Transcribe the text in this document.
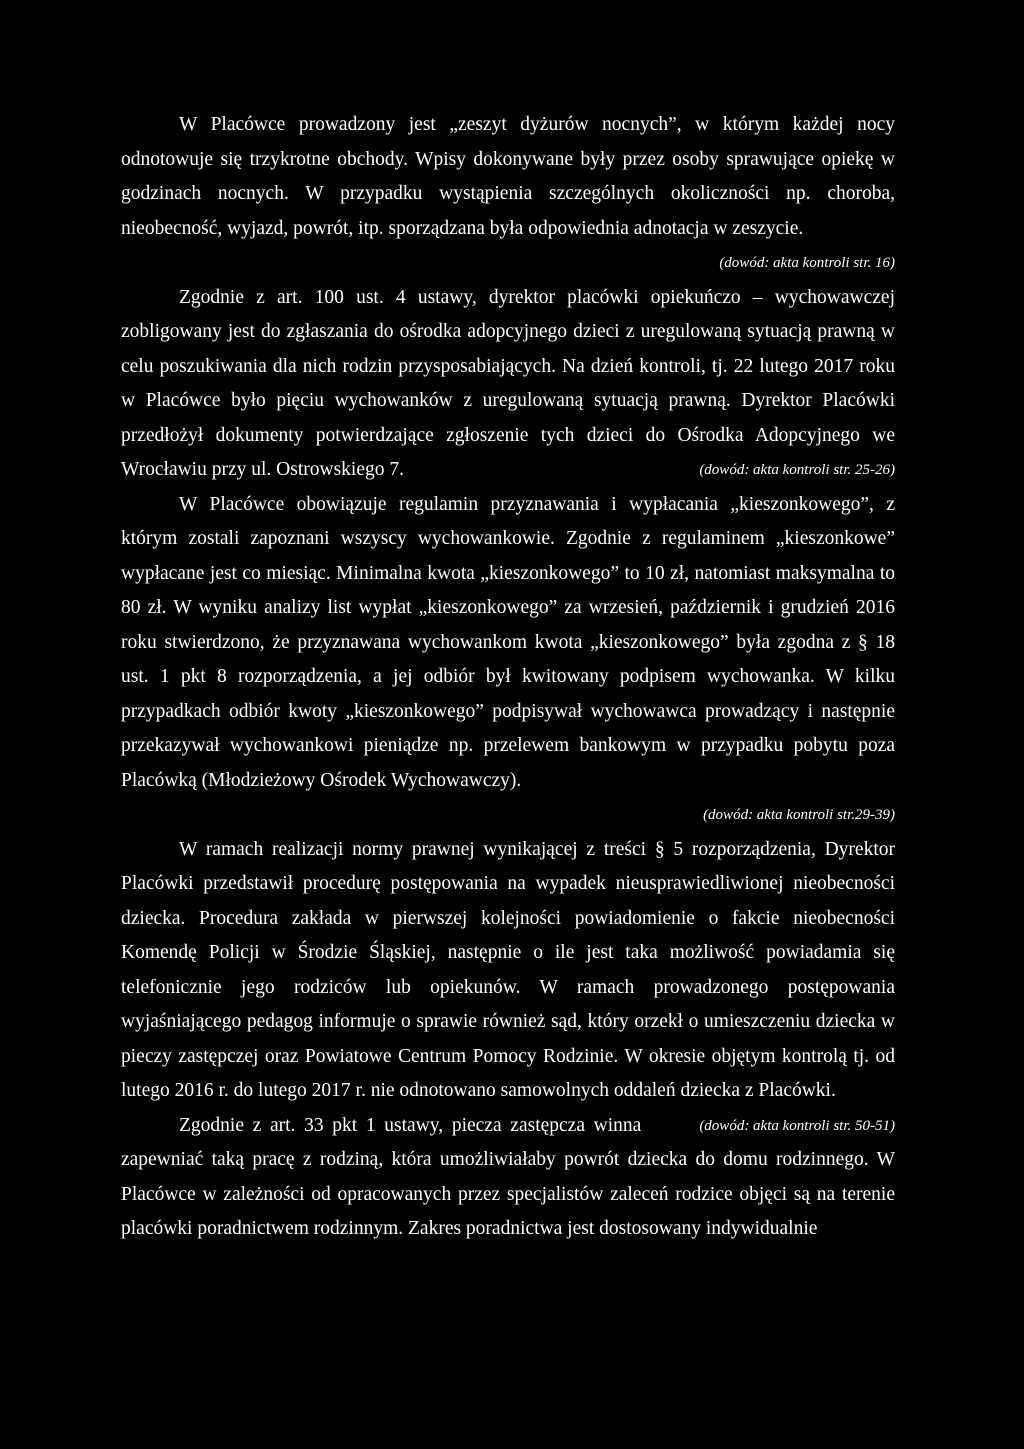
W Placówce prowadzony jest „zeszyt dyżurów nocnych”, w którym każdej nocy odnotowuje się trzykrotne obchody. Wpisy dokonywane były przez osoby sprawujące opiekę w godzinach nocnych. W przypadku wystąpienia szczególnych okoliczności np. choroba, nieobecność, wyjazd, powrót, itp. sporządzana była odpowiednia adnotacja w zeszycie.

(dowód: akta kontroli str. 16)

Zgodnie z art. 100 ust. 4 ustawy, dyrektor placówki opiekuńczo – wychowawczej zobligowany jest do zgłaszania do ośrodka adopcyjnego dzieci z uregulowaną sytuacją prawną w celu poszukiwania dla nich rodzin przysposabiających. Na dzień kontroli, tj. 22 lutego 2017 roku w Placówce było pięciu wychowanków z uregulowaną sytuacją prawną. Dyrektor Placówki przedłożył dokumenty potwierdzające zgłoszenie tych dzieci do Ośrodka Adopcyjnego we Wrocławiu przy ul. Ostrowskiego 7.	(dowód: akta kontroli str. 25-26)

W Placówce obowiązuje regulamin przyznawania i wypłacania „kieszonkowego”, z którym zostali zapoznani wszyscy wychowankowie. Zgodnie z regulaminem „kieszonkowe” wypłacane jest co miesiąc. Minimalna kwota „kieszonkowego” to 10 zł, natomiast maksymalna to 80 zł. W wyniku analizy list wypłat „kieszonkowego” za wrzesień, październik i grudzień 2016 roku stwierdzono, że przyznawana wychowankom kwota „kieszonkowego” była zgodna z § 18 ust. 1 pkt 8 rozporządzenia, a jej odbiór był kwitowany podpisem wychowanka. W kilku przypadkach odbiór kwoty „kieszonkowego” podpisywał wychowawca prowadzący i następnie przekazywał wychowankowi pieniądze np. przelewem bankowym w przypadku pobytu poza Placówką (Młodzieżowy Ośrodek Wychowawczy).

(dowód: akta kontroli str.29-39)

W ramach realizacji normy prawnej wynikającej z treści § 5 rozporządzenia, Dyrektor Placówki przedstawił procedurę postępowania na wypadek nieusprawiedliwionej nieobecności dziecka. Procedura zakłada w pierwszej kolejności powiadomienie o fakcie nieobecności Komendę Policji w Środzie Śląskiej, następnie o ile jest taka możliwość powiadamia się telefonicznie jego rodziców lub opiekunów. W ramach prowadzonego postępowania wyjaśniającego pedagog informuje o sprawie również sąd, który orzekł o umieszczeniu dziecka w pieczy zastępczej oraz Powiatowe Centrum Pomocy Rodzinie. W okresie objętym kontrolą tj. od lutego 2016 r. do lutego 2017 r. nie odnotowano samowolnych oddaleń dziecka z Placówki.
(dowód: akta kontroli str. 50-51)

Zgodnie z art. 33 pkt 1 ustawy, piecza zastępcza winna zapewniać taką pracę z rodziną, która umożliwiałaby powrót dziecka do domu rodzinnego. W Placówce w zależności od opracowanych przez specjalistów zaleceń rodzice objęci są na terenie placówki poradnictwem rodzinnym. Zakres poradnictwa jest dostosowany indywidualnie
